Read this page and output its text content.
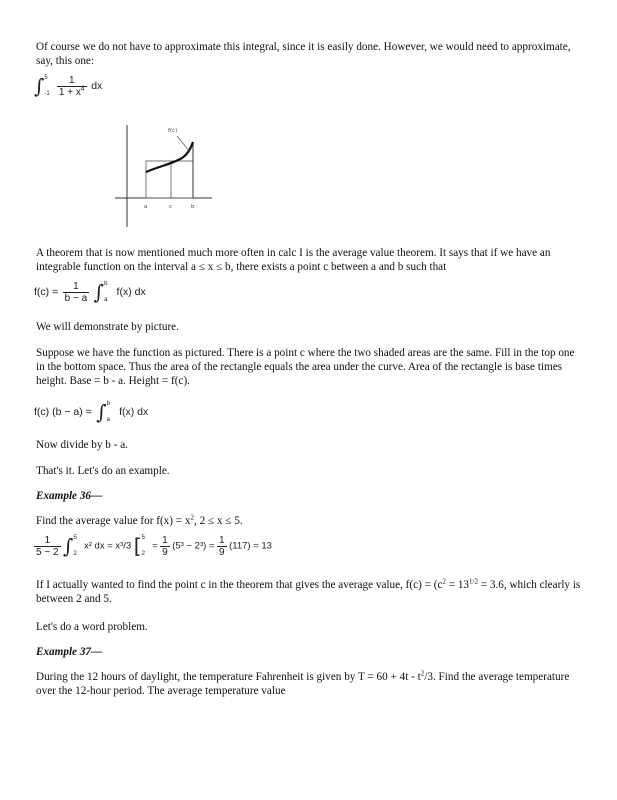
Of course we do not have to approximate this integral, since it is easily done. However, we would need to approximate, say, this one:

∫ 5
-1
$\frac{1}{1 + x^4}$ dx
f(c)
a	c	b

A theorem that is now mentioned much more often in calc I is the average value theorem. It says that if we have an integrable function on the interval a ≤ x ≤ b, there exists a point c between a and b such that

$f(c) = \frac{1}{b - a}$ ∫ b
a
f(x) dx

We will demonstrate by picture.

Suppose we have the function as pictured. There is a point c where the two shaded areas are the same. Fill in the top one in the bottom space. Thus the area of the rectangle equals the area under the curve. Area of the rectangle is base times height. Base = b - a. Height = f(c).

f(c) (b − a) = ∫ b
a
f(x) dx

Now divide by b - a.

That's it. Let's do an example.

Example 36—

Find the average value for $f(x) = x^2$, 2 ≤ x ≤ 5.

$\frac{1}{5 - 2}$ ∫ 5
2
x² dx = x³/3 [ 5
2
= $\frac{1}{9} (5^3 - 2^3) = \frac{1}{9} (117) = 13$

If I actually wanted to find the point c in the theorem that gives the average value, $f(c) = (c^2 = 13^{1/2} = 3.6$, which clearly is between 2 and 5.

Let's do a word problem.

Example 37—

During the 12 hours of daylight, the temperature Fahrenheit is given by $T = 60 + 4t - t^2/3$. Find the average temperature over the 12-hour period. The average temperature value
